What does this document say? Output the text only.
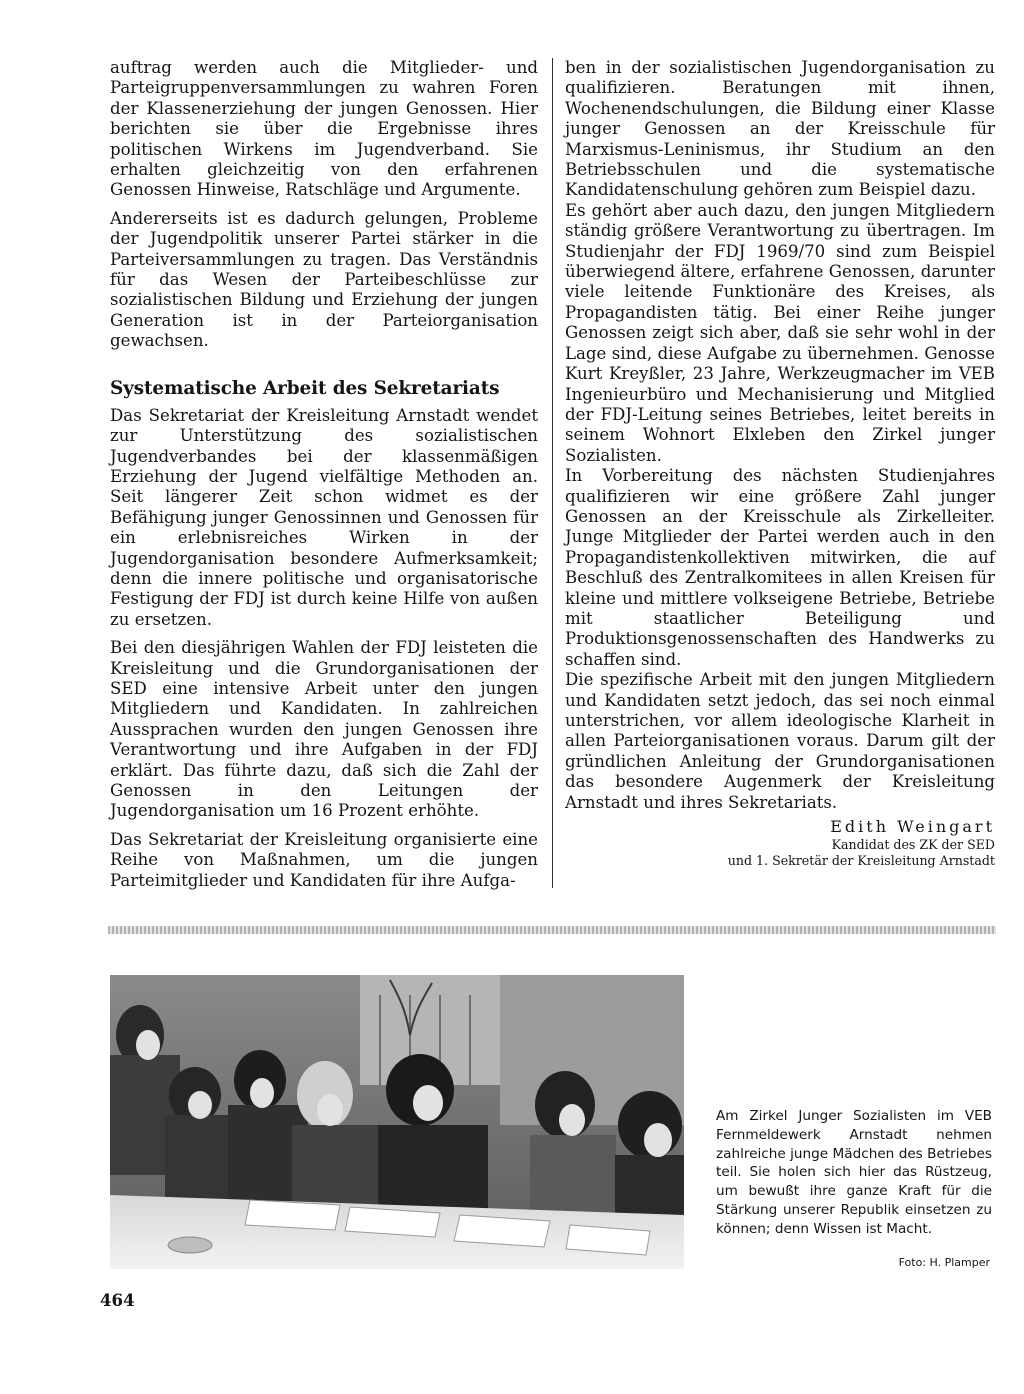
auftrag werden auch die Mitglieder- und Parteigruppenversammlungen zu wahren Foren der Klassenerziehung der jungen Genossen. Hier berichten sie über die Ergebnisse ihres politischen Wirkens im Jugendverband. Sie erhalten gleichzeitig von den erfahrenen Genossen Hinweise, Ratschläge und Argumente.

Andererseits ist es dadurch gelungen, Probleme der Jugendpolitik unserer Partei stärker in die Parteiversammlungen zu tragen. Das Verständnis für das Wesen der Parteibeschlüsse zur sozialistischen Bildung und Erziehung der jungen Generation ist in der Parteiorganisation gewachsen.

Systematische Arbeit des Sekretariats

Das Sekretariat der Kreisleitung Arnstadt wendet zur Unterstützung des sozialistischen Jugendverbandes bei der klassenmäßigen Erziehung der Jugend vielfältige Methoden an. Seit längerer Zeit schon widmet es der Befähigung junger Genossinnen und Genossen für ein erlebnisreiches Wirken in der Jugendorganisation besondere Aufmerksamkeit; denn die innere politische und organisatorische Festigung der FDJ ist durch keine Hilfe von außen zu ersetzen.

Bei den diesjährigen Wahlen der FDJ leisteten die Kreisleitung und die Grundorganisationen der SED eine intensive Arbeit unter den jungen Mitgliedern und Kandidaten. In zahlreichen Aussprachen wurden den jungen Genossen ihre Verantwortung und ihre Aufgaben in der FDJ erklärt. Das führte dazu, daß sich die Zahl der Genossen in den Leitungen der Jugendorganisation um 16 Prozent erhöhte.

Das Sekretariat der Kreisleitung organisierte eine Reihe von Maßnahmen, um die jungen Parteimitglieder und Kandidaten für ihre Aufga-

ben in der sozialistischen Jugendorganisation zu qualifizieren. Beratungen mit ihnen, Wochenendschulungen, die Bildung einer Klasse junger Genossen an der Kreisschule für Marxismus-Leninismus, ihr Studium an den Betriebsschulen und die systematische Kandidatenschulung gehören zum Beispiel dazu.

Es gehört aber auch dazu, den jungen Mitgliedern ständig größere Verantwortung zu übertragen. Im Studienjahr der FDJ 1969/70 sind zum Beispiel überwiegend ältere, erfahrene Genossen, darunter viele leitende Funktionäre des Kreises, als Propagandisten tätig. Bei einer Reihe junger Genossen zeigt sich aber, daß sie sehr wohl in der Lage sind, diese Aufgabe zu übernehmen. Genosse Kurt Kreyßler, 23 Jahre, Werkzeugmacher im VEB Ingenieurbüro und Mechanisierung und Mitglied der FDJ-Leitung seines Betriebes, leitet bereits in seinem Wohnort Elxleben den Zirkel junger Sozialisten.

In Vorbereitung des nächsten Studienjahres qualifizieren wir eine größere Zahl junger Genossen an der Kreisschule als Zirkelleiter. Junge Mitglieder der Partei werden auch in den Propagandistenkollektiven mitwirken, die auf Beschluß des Zentralkomitees in allen Kreisen für kleine und mittlere volkseigene Betriebe, Betriebe mit staatlicher Beteiligung und Produktionsgenossenschaften des Handwerks zu schaffen sind.

Die spezifische Arbeit mit den jungen Mitgliedern und Kandidaten setzt jedoch, das sei noch einmal unterstrichen, vor allem ideologische Klarheit in allen Parteiorganisationen voraus. Darum gilt der gründlichen Anleitung der Grundorganisationen das besondere Augenmerk der Kreisleitung Arnstadt und ihres Sekretariats.

Edith Weingart
Kandidat des ZK der SED
und 1. Sekretär der Kreisleitung Arnstadt
Am Zirkel Junger Sozialisten im VEB Fernmeldewerk Arnstadt nehmen zahlreiche junge Mädchen des Betriebes teil. Sie holen sich hier das Rüstzeug, um bewußt ihre ganze Kraft für die Stärkung unserer Republik einsetzen zu können; denn Wissen ist Macht.
Foto: H. Plamper
464
